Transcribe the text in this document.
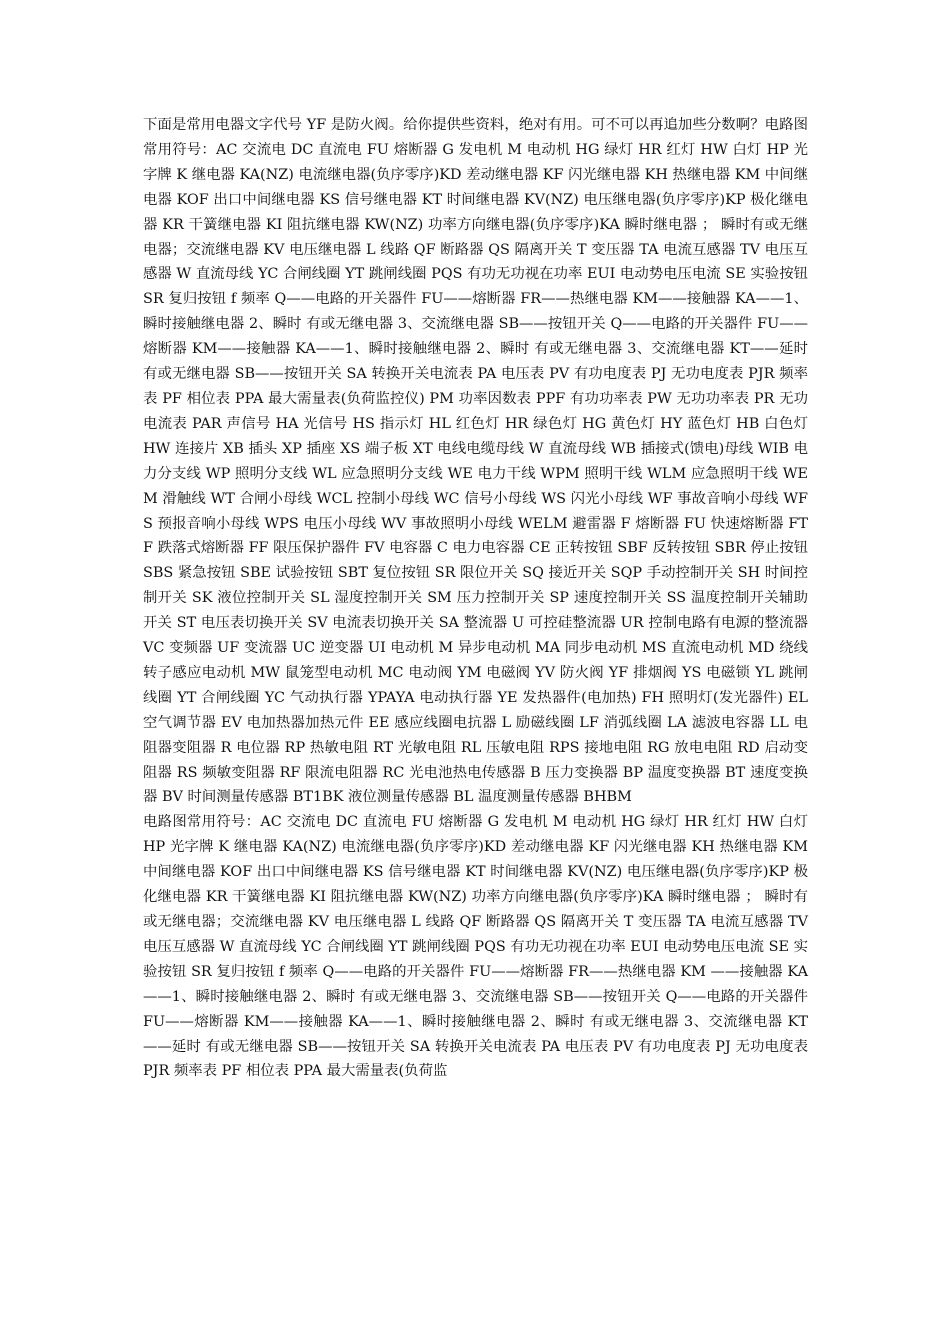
下面是常用电器文字代号 YF 是防火阀。给你提供些资料，绝对有用。可不可以再追加些分数啊？电路图常用符号：AC 交流电 DC 直流电 FU 熔断器 G 发电机 M 电动机 HG 绿灯 HR 红灯 HW 白灯 HP 光字牌 K 继电器 KA(NZ) 电流继电器(负序零序)KD 差动继电器 KF 闪光继电器 KH 热继电器 KM 中间继电器 KOF 出口中间继电器 KS 信号继电器 KT 时间继电器 KV(NZ) 电压继电器(负序零序)KP 极化继电器 KR 干簧继电器 KI 阻抗继电器 KW(NZ) 功率方向继电器(负序零序)KA 瞬时继电器 ； 瞬时有或无继电器；交流继电器 KV 电压继电器 L 线路 QF 断路器 QS 隔离开关 T 变压器 TA 电流互感器 TV 电压互感器 W 直流母线 YC 合闸线圈 YT 跳闸线圈 PQS 有功无功视在功率 EUI 电动势电压电流 SE 实验按钮 SR 复归按钮 f 频率 Q——电路的开关器件 FU——熔断器 FR——热继电器 KM——接触器 KA——1、瞬时接触继电器 2、瞬时 有或无继电器 3、交流继电器 SB——按钮开关 Q——电路的开关器件 FU——熔断器 KM——接触器 KA——1、瞬时接触继电器 2、瞬时 有或无继电器 3、交流继电器 KT——延时 有或无继电器 SB——按钮开关 SA 转换开关电流表 PA 电压表 PV 有功电度表 PJ 无功电度表 PJR 频率表 PF 相位表 PPA 最大需量表(负荷监控仪) PM 功率因数表 PPF 有功功率表 PW 无功功率表 PR 无功电流表 PAR 声信号 HA 光信号 HS 指示灯 HL 红色灯 HR 绿色灯 HG 黄色灯 HY 蓝色灯 HB 白色灯 HW 连接片 XB 插头 XP 插座 XS 端子板 XT 电线电缆母线 W 直流母线 WB 插接式(馈电)母线 WIB 电力分支线 WP 照明分支线 WL 应急照明分支线 WE 电力干线 WPM 照明干线 WLM 应急照明干线 WEM 滑触线 WT 合闸小母线 WCL 控制小母线 WC 信号小母线 WS 闪光小母线 WF 事故音响小母线 WFS 预报音响小母线 WPS 电压小母线 WV 事故照明小母线 WELM 避雷器 F 熔断器 FU 快速熔断器 FTF 跌落式熔断器 FF 限压保护器件 FV 电容器 C 电力电容器 CE 正转按钮 SBF 反转按钮 SBR 停止按钮 SBS 紧急按钮 SBE 试验按钮 SBT 复位按钮 SR 限位开关 SQ 接近开关 SQP 手动控制开关 SH 时间控制开关 SK 液位控制开关 SL 湿度控制开关 SM 压力控制开关 SP 速度控制开关 SS 温度控制开关辅助开关 ST 电压表切换开关 SV 电流表切换开关 SA 整流器 U 可控硅整流器 UR 控制电路有电源的整流器 VC 变频器 UF 变流器 UC 逆变器 UI 电动机 M 异步电动机 MA 同步电动机 MS 直流电动机 MD 绕线转子感应电动机 MW 鼠笼型电动机 MC 电动阀 YM 电磁阀 YV 防火阀 YF 排烟阀 YS 电磁锁 YL 跳闸线圈 YT 合闸线圈 YC 气动执行器 YPAYA 电动执行器 YE 发热器件(电加热) FH 照明灯(发光器件) EL 空气调节器 EV 电加热器加热元件 EE 感应线圈电抗器 L 励磁线圈 LF 消弧线圈 LA 滤波电容器 LL 电阻器变阻器 R 电位器 RP 热敏电阻 RT 光敏电阻 RL 压敏电阻 RPS 接地电阻 RG 放电电阻 RD 启动变阻器 RS 频敏变阻器 RF 限流电阻器 RC 光电池热电传感器 B 压力变换器 BP 温度变换器 BT 速度变换器 BV 时间测量传感器 BT1BK 液位测量传感器 BL 温度测量传感器 BHBM

电路图常用符号：AC 交流电 DC 直流电 FU 熔断器 G 发电机 M 电动机 HG 绿灯 HR 红灯 HW 白灯 HP 光字牌 K 继电器 KA(NZ) 电流继电器(负序零序)KD 差动继电器 KF 闪光继电器 KH 热继电器 KM 中间继电器 KOF 出口中间继电器 KS 信号继电器 KT 时间继电器 KV(NZ) 电压继电器(负序零序)KP 极化继电器 KR 干簧继电器 KI 阻抗继电器 KW(NZ) 功率方向继电器(负序零序)KA 瞬时继电器 ； 瞬时有或无继电器；交流继电器 KV 电压继电器 L 线路 QF 断路器 QS 隔离开关 T 变压器 TA 电流互感器 TV 电压互感器 W 直流母线 YC 合闸线圈 YT 跳闸线圈 PQS 有功无功视在功率 EUI 电动势电压电流 SE 实验按钮 SR 复归按钮 f 频率 Q——电路的开关器件 FU——熔断器 FR——热继电器 KM ——接触器 KA——1、瞬时接触继电器 2、瞬时 有或无继电器 3、交流继电器 SB——按钮开关 Q——电路的开关器件 FU——熔断器 KM——接触器 KA——1、瞬时接触继电器 2、瞬时 有或无继电器 3、交流继电器 KT——延时 有或无继电器 SB——按钮开关 SA 转换开关电流表 PA 电压表 PV 有功电度表 PJ 无功电度表 PJR 频率表 PF 相位表 PPA 最大需量表(负荷监
